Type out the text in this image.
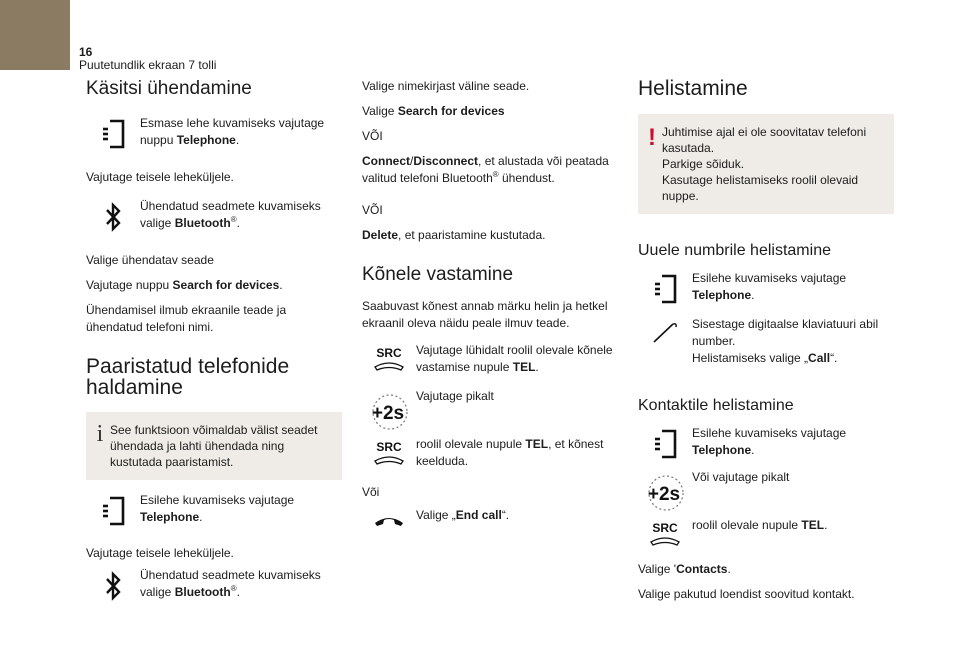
16
Puutetundlik ekraan 7 tolli
Käsitsi ühendamine
Esmase lehe kuvamiseks vajutage nuppu Telephone.

Vajutage teisele leheküljele.

Ühendatud seadmete kuvamiseks valige Bluetooth®.

Valige ühendatav seade

Vajutage nuppu Search for devices.

Ühendamisel ilmub ekraanile teade ja ühendatud telefoni nimi.

Paaristatud telefonide
haldamine
i See funktsioon võimaldab välist seadet ühendada ja lahti ühendada ning kustutada paaristamist.
Esilehe kuvamiseks vajutage Telephone.

Vajutage teisele leheküljele.

Ühendatud seadmete kuvamiseks valige Bluetooth®.

Valige nimekirjast väline seade.

Valige Search for devices

VÕI

Connect/Disconnect, et alustada või peatada valitud telefoni Bluetooth® ühendust.

VÕI

Delete, et paaristamine kustutada.

Kõnele vastamine

Saabuvast kõnest annab märku helin ja hetkel ekraanil oleva näidu peale ilmuv teade.

SRC Vajutage lühidalt roolil olevale kõnele vastamise nupule TEL.
+2s
Vajutage pikalt
SRC roolil olevale nupule TEL, et kõnest keelduda.

Või

Valige „End call“.
Helistamine
! Juhtimise ajal ei ole soovitatav telefoni kasutada.
Parkige sõiduk.
Kasutage helistamiseks roolil olevaid nuppe.
Uuele numbrile helistamine
Esilehe kuvamiseks vajutage Telephone.
Sisestage digitaalse klaviatuuri abil number.
Helistamiseks valige „Call“.
Kontaktile helistamine
Esilehe kuvamiseks vajutage Telephone.
+2s
Või vajutage pikalt
SRC roolil olevale nupule TEL.

Valige 'Contacts.

Valige pakutud loendist soovitud kontakt.
